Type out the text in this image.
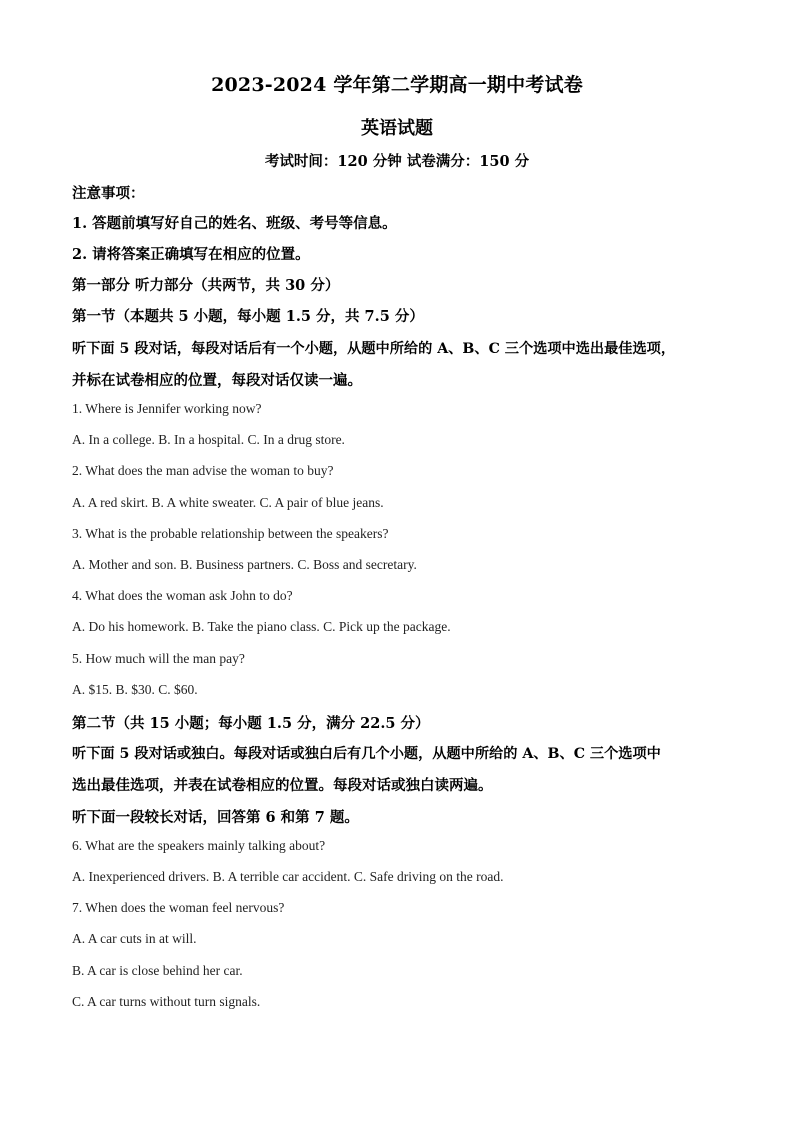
2023-2024 学年第二学期高一期中考试卷
英语试题
考试时间：120 分钟 试卷满分：150 分
注意事项：
1. 答题前填写好自己的姓名、班级、考号等信息。
2. 请将答案正确填写在相应的位置。
第一部分 听力部分（共两节，共 30 分）
第一节（本题共 5 小题，每小题 1.5 分，共 7.5 分）
听下面 5 段对话，每段对话后有一个小题，从题中所给的 A、B、C 三个选项中选出最佳选项，
并标在试卷相应的位置，每段对话仅读一遍。
1. Where is Jennifer working now?
A. In a college. B. In a hospital. C. In a drug store.
2. What does the man advise the woman to buy?
A. A red skirt. B. A white sweater. C. A pair of blue jeans.
3. What is the probable relationship between the speakers?
A. Mother and son. B. Business partners. C. Boss and secretary.
4. What does the woman ask John to do?
A. Do his homework. B. Take the piano class. C. Pick up the package.
5. How much will the man pay?
A. $15. B. $30. C. $60.
第二节（共 15 小题；每小题 1.5 分，满分 22.5 分）
听下面 5 段对话或独白。每段对话或独白后有几个小题，从题中所给的 A、B、C 三个选项中
选出最佳选项，并表在试卷相应的位置。每段对话或独白读两遍。
听下面一段较长对话，回答第 6 和第 7 题。
6. What are the speakers mainly talking about?
A. Inexperienced drivers. B. A terrible car accident. C. Safe driving on the road.
7. When does the woman feel nervous?
A. A car cuts in at will.
B. A car is close behind her car.
C. A car turns without turn signals.
